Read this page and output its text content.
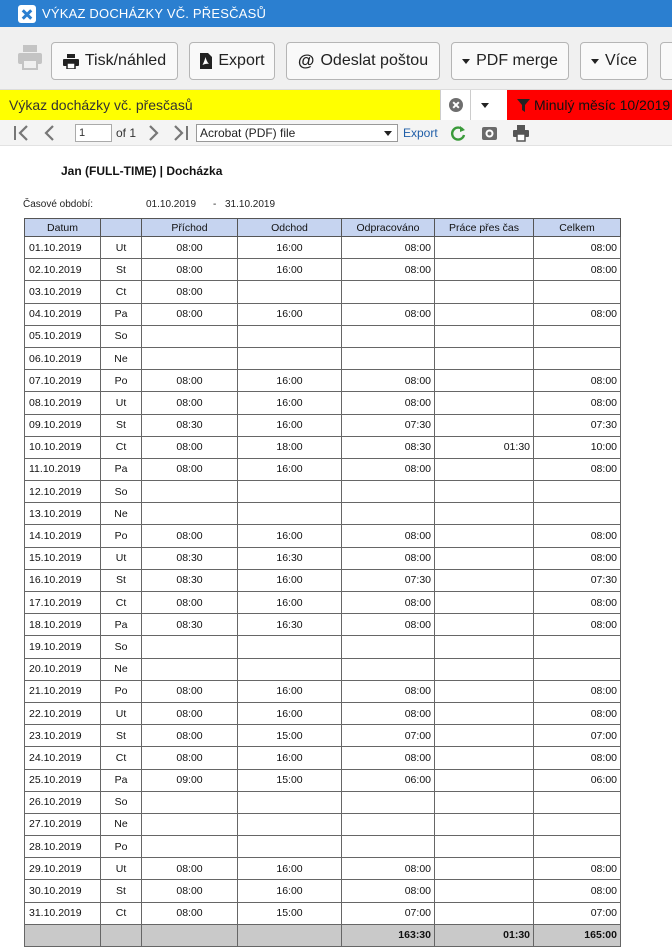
VÝKAZ DOCHÁZKY VČ. PŘESČASŮ
Tisk/náhled	Export @ Odeslat poštou	PDF merge	Více
Výkaz docházky vč. přesčasů	Minulý měsíc 10/2019
1	of 1	Acrobat (PDF) file	Export
Jan (FULL-TIME) | Docházka
Časové období:	01.10.2019 - 31.10.2019
Datum		Příchod	Odchod	Odpracováno	Práce přes čas	Celkem
01.10.2019	Ut	08:00	16:00	08:00		08:00
02.10.2019	St	08:00	16:00	08:00		08:00
03.10.2019	Ct	08:00				
04.10.2019	Pa	08:00	16:00	08:00		08:00
05.10.2019	So					
06.10.2019	Ne					
07.10.2019	Po	08:00	16:00	08:00		08:00
08.10.2019	Ut	08:00	16:00	08:00		08:00
09.10.2019	St	08:30	16:00	07:30		07:30
10.10.2019	Ct	08:00	18:00	08:30	01:30	10:00
11.10.2019	Pa	08:00	16:00	08:00		08:00
12.10.2019	So					
13.10.2019	Ne					
14.10.2019	Po	08:00	16:00	08:00		08:00
15.10.2019	Ut	08:30	16:30	08:00		08:00
16.10.2019	St	08:30	16:00	07:30		07:30
17.10.2019	Ct	08:00	16:00	08:00		08:00
18.10.2019	Pa	08:30	16:30	08:00		08:00
19.10.2019	So					
20.10.2019	Ne					
21.10.2019	Po	08:00	16:00	08:00		08:00
22.10.2019	Ut	08:00	16:00	08:00		08:00
23.10.2019	St	08:00	15:00	07:00		07:00
24.10.2019	Ct	08:00	16:00	08:00		08:00
25.10.2019	Pa	09:00	15:00	06:00		06:00
26.10.2019	So					
27.10.2019	Ne					
28.10.2019	Po					
29.10.2019	Ut	08:00	16:00	08:00		08:00
30.10.2019	St	08:00	16:00	08:00		08:00
31.10.2019	Ct	08:00	15:00	07:00		07:00
				163:30	01:30	165:00
